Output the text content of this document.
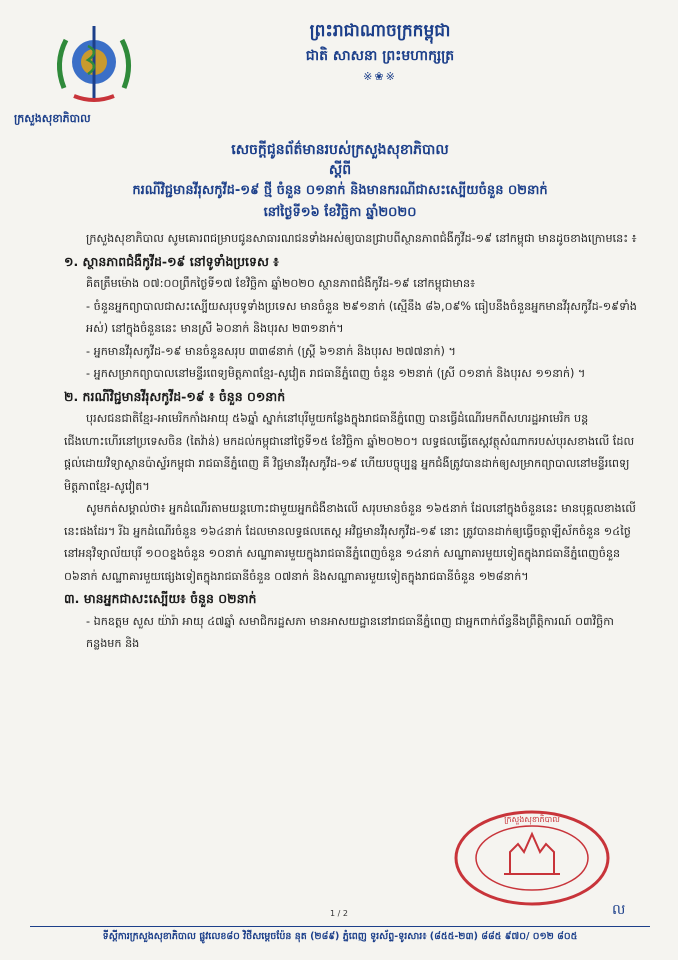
ក្រសួងសុខាភិបាល
ព្រះរាជាណាចក្រកម្ពុជា
ជាតិ សាសនា ព្រះមហាក្សត្រ
※❀※
សេចក្តីជូនព័ត៌មានរបស់ក្រសួងសុខាភិបាល
ស្តីពី
ករណីវិជ្ជមានវីរុសកូវីដ-១៩ ថ្មី ចំនួន ០១នាក់ និងមានករណីជាសះស្បើយចំនួន ០២នាក់
នៅថ្ងៃទី១៦ ខែវិច្ឆិកា ឆ្នាំ២០២០

ក្រសួងសុខាភិបាល សូមគោរពជម្រាបជូនសាធារណជនទាំងអស់ឲ្យបានជ្រាបពីស្ថានភាពជំងឺកូវីដ-១៩ នៅកម្ពុជា មានដូចខាងក្រោមនេះ ៖

១. ស្ថានភាពជំងឺកូវីដ-១៩ នៅទូទាំងប្រទេស ៖

គិតត្រឹមម៉ោង ០៧:០០ព្រឹកថ្ងៃទី១៧ ខែវិច្ឆិកា ឆ្នាំ២០២០ ស្ថានភាពជំងឺកូវីដ-១៩ នៅកម្ពុជាមាន៖

- ចំនួនអ្នកព្យាបាលជាសះស្បើយសរុបទូទាំងប្រទេស មានចំនួន ២៩១នាក់ (ស្មើនឹង ៨៦,០៩% ធៀបនឹងចំនួនអ្នកមានវីរុសកូវីដ-១៩ទាំងអស់) នៅក្នុងចំនួននេះ មានស្រី ៦០នាក់ និងបុរស ២៣១នាក់។

- អ្នកមានវីរុសកូវីដ-១៩ មានចំនួនសរុប ៣៣៨នាក់ (ស្ត្រី ៦១នាក់ និងបុរស ២៧៧នាក់) ។

- អ្នកសម្រាកព្យាបាលនៅមន្ទីរពេទ្យមិត្តភាពខ្មែរ-សូវៀត រាជធានីភ្នំពេញ ចំនួន ១២នាក់ (ស្រី ០១នាក់ និងបុរស ១១នាក់) ។

២. ករណីវិជ្ជមានវីរុសកូវីដ-១៩ ៖ ចំនួន ០១នាក់

បុរសជនជាតិខ្មែរ-អាមេរិកកាំងអាយុ ៥៦ឆ្នាំ ស្នាក់នៅបុរីមួយកន្លែងក្នុងរាជធានីភ្នំពេញ បានធ្វើដំណើរមកពីសហរដ្ឋអាមេរិក បន្តជើងហោះហើរនៅប្រទេសចិន (តៃវ៉ាន់) មកដល់កម្ពុជានៅថ្ងៃទី១៥ ខែវិច្ឆិកា ឆ្នាំ២០២០។ លទ្ធផលធ្វើតេស្តវត្ថុសំណាករបស់បុរសខាងលើ ដែលផ្តល់ដោយវិទ្យាស្ថានប៉ាស្ទ័រកម្ពុជា រាជធានីភ្នំពេញ គឺ វិជ្ជមានវីរុសកូវីដ-១៩ ហើយបច្ចុប្បន្ន អ្នកជំងឺត្រូវបានដាក់ឲ្យសម្រាកព្យាបាលនៅមន្ទីរពេទ្យមិត្តភាពខ្មែរ-សូវៀត។

សូមកត់សម្គាល់ថា៖ អ្នកដំណើរតាមយន្តហោះជាមួយអ្នកជំងឺខាងលើ សរុបមានចំនួន ១៦៥នាក់ ដែលនៅក្នុងចំនួននេះ មានបុគ្គលខាងលើនេះផងដែរ។ រីឯ អ្នកដំណើរចំនួន ១៦៤នាក់ ដែលមានលទ្ធផលតេស្ត អវិជ្ជមានវីរុសកូវីដ-១៩ នោះ ត្រូវបានដាក់ឲ្យធ្វើចត្តាឡីស័កចំនួន ១៤ថ្ងៃ នៅអនុវិទ្យាល័យបុរី ១០០ខ្នងចំនួន ១០នាក់ សណ្ឋាគារមួយក្នុងរាជធានីភ្នំពេញចំនួន ១៤នាក់ សណ្ឋាគារមួយទៀតក្នុងរាជធានីភ្នំពេញចំនួន ០៦នាក់ សណ្ឋាគារមួយផ្សេងទៀតក្នុងរាជធានីចំនួន ០៧នាក់ និងសណ្ឋាគារមួយទៀតក្នុងរាជធានីចំនួន ១២៨នាក់។

៣. មានអ្នកជាសះស្បើយ៖ ចំនួន ០២នាក់

- ឯកឧត្តម សួស យ៉ារ៉ា អាយុ ៤៧ឆ្នាំ សមាជិករដ្ឋសភា មានអាសយដ្ឋាននៅរាជធានីភ្នំពេញ ជាអ្នកពាក់ព័ន្ធនឹងព្រឹត្តិការណ៍ ០៣វិច្ឆិកា កន្លងមក និង

ក្រសួងសុខាភិបាល
ល
1 / 2
ទីស្តីការក្រសួងសុខាភិបាល ផ្លូវលេខ៨០ វិថីសម្តេចប៉ែន នុត (២៨៩) ភ្នំពេញ ទូរស័ព្ទ-ទូរសារ៖ (៨៥៥-២៣) ៨៨៥ ៩៧០/ ០១២ ៨០៥
